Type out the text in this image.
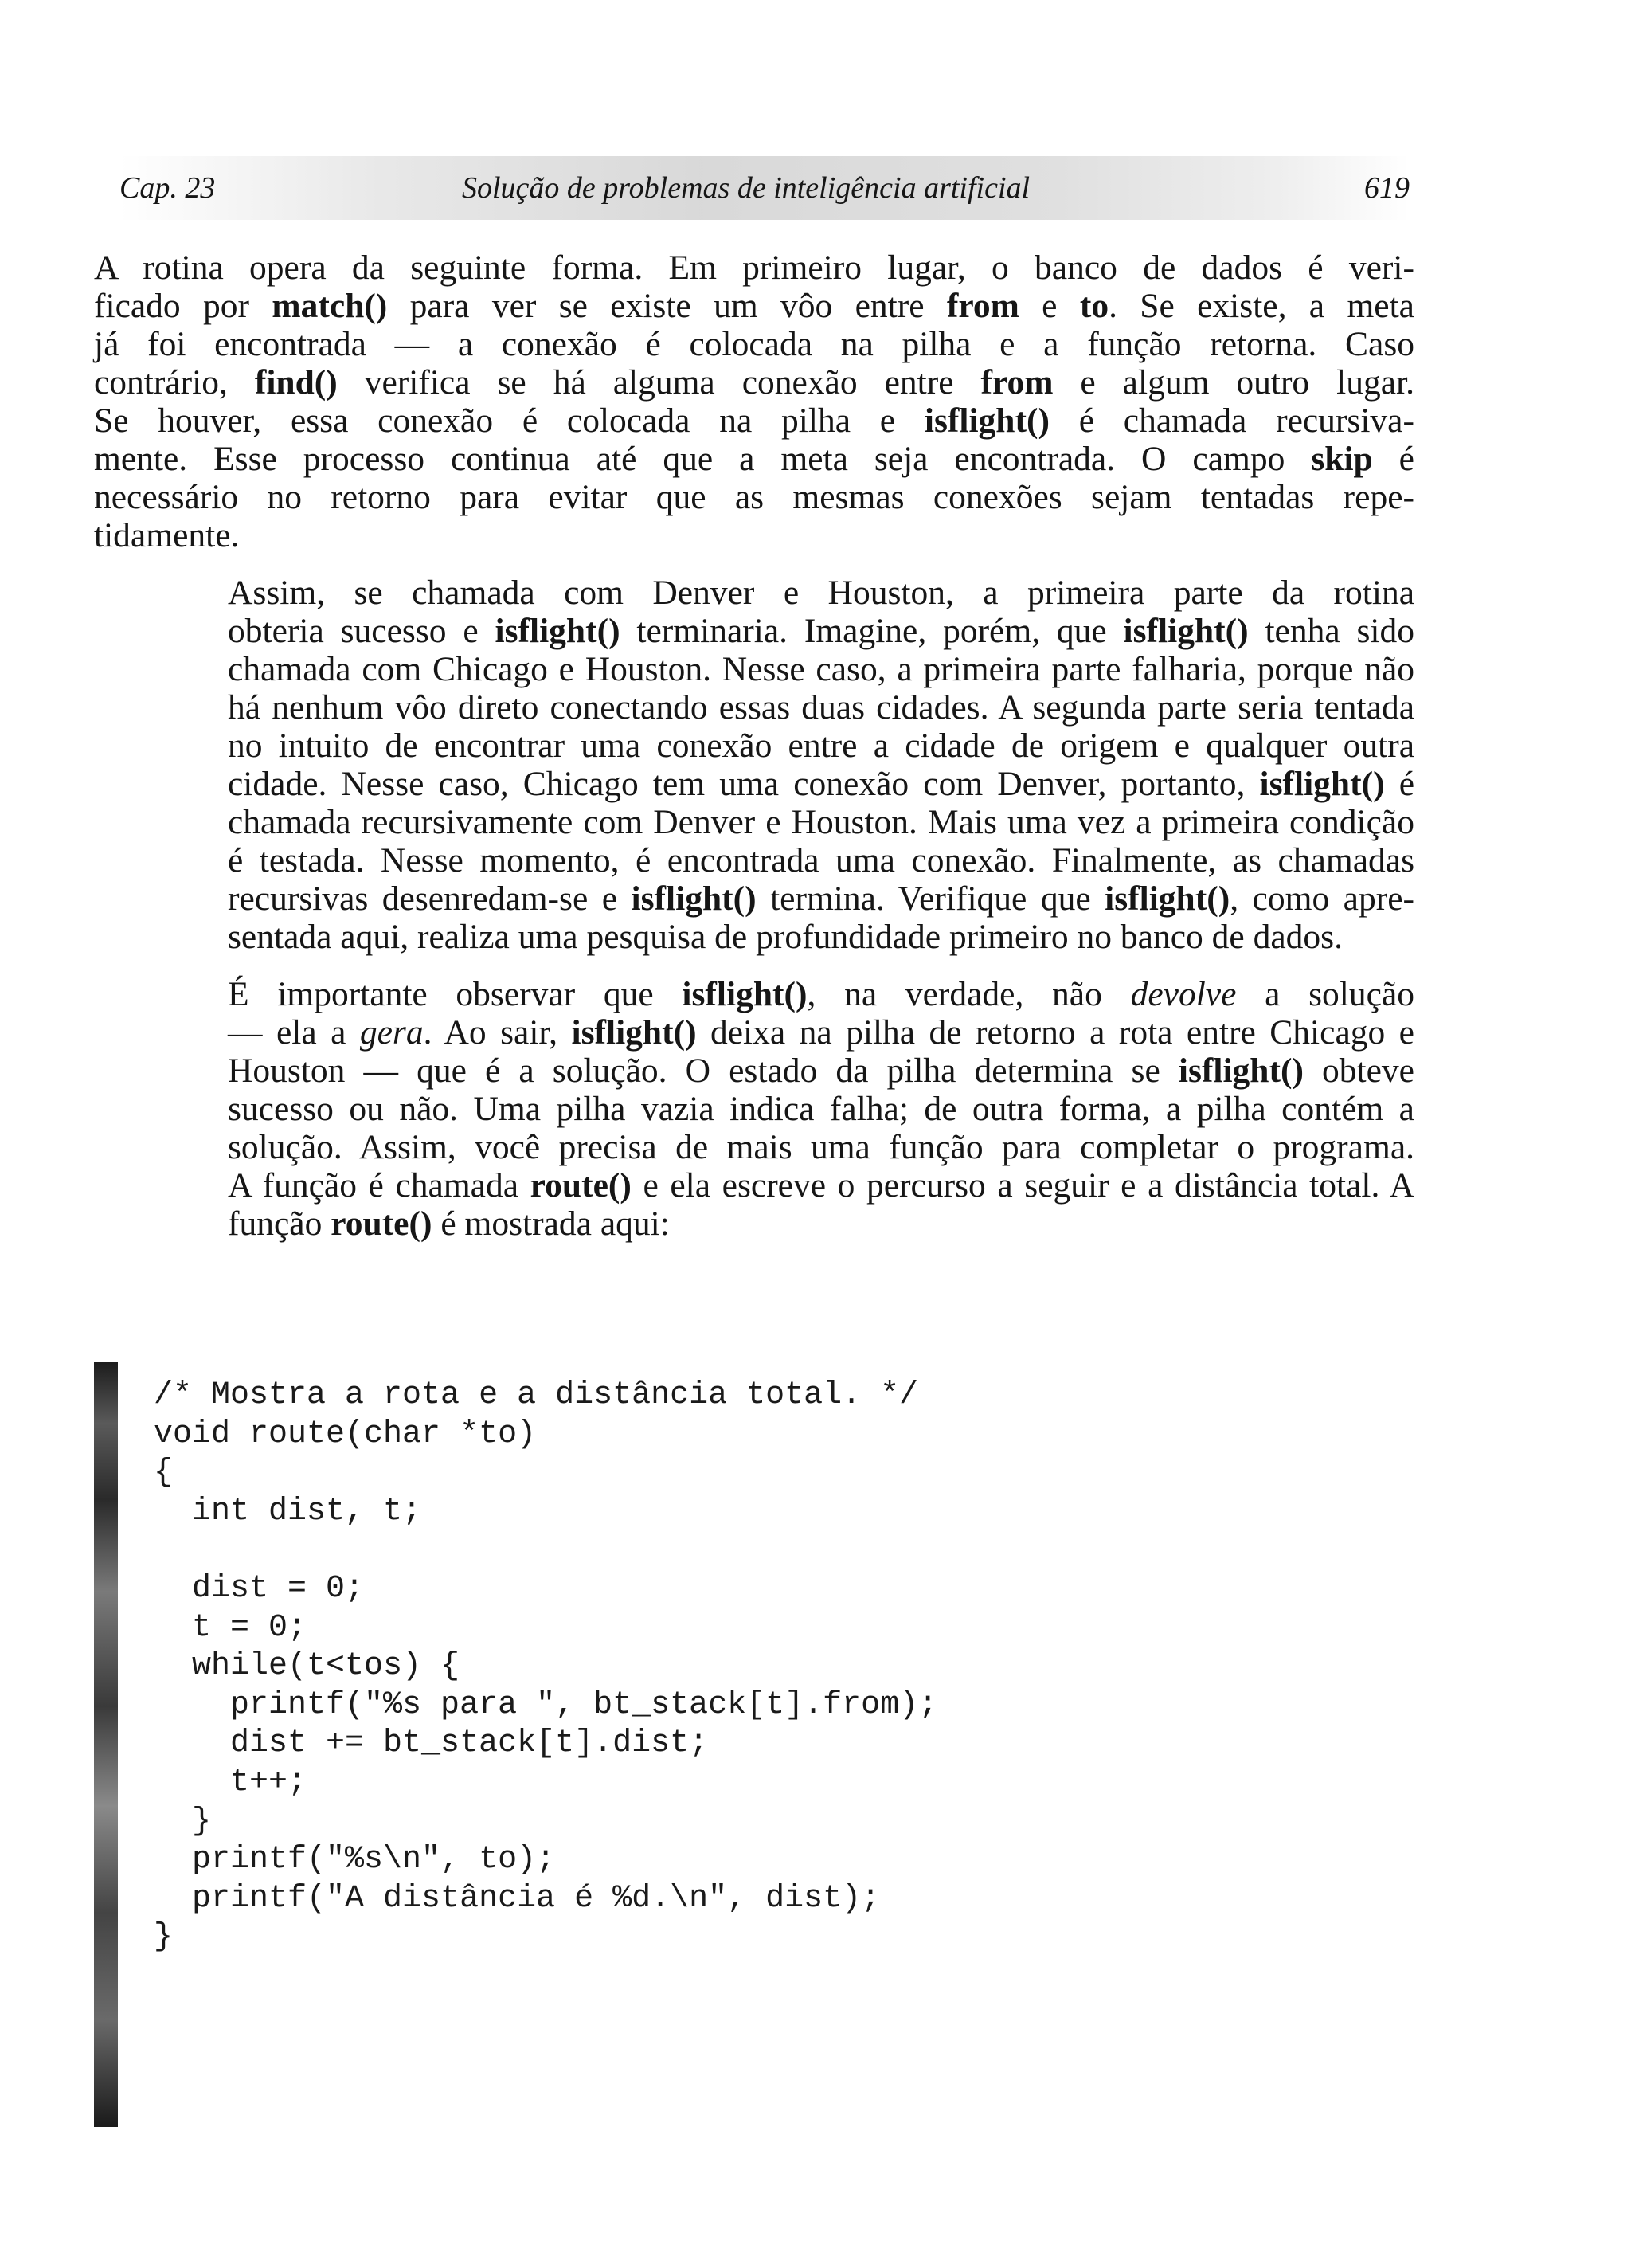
Cap. 23	Solução de problemas de inteligência artificial	619
A rotina opera da seguinte forma. Em primeiro lugar, o banco de dados é veri-
ficado por match() para ver se existe um vôo entre from e to. Se existe, a meta
já foi encontrada — a conexão é colocada na pilha e a função retorna. Caso
contrário, find() verifica se há alguma conexão entre from e algum outro lugar.
Se houver, essa conexão é colocada na pilha e isflight() é chamada recursiva-
mente. Esse processo continua até que a meta seja encontrada. O campo skip é
necessário no retorno para evitar que as mesmas conexões sejam tentadas repe-
tidamente.
Assim, se chamada com Denver e Houston, a primeira parte da rotina
obteria sucesso e isflight() terminaria. Imagine, porém, que isflight() tenha sido
chamada com Chicago e Houston. Nesse caso, a primeira parte falharia, porque não
há nenhum vôo direto conectando essas duas cidades. A segunda parte seria tentada
no intuito de encontrar uma conexão entre a cidade de origem e qualquer outra
cidade. Nesse caso, Chicago tem uma conexão com Denver, portanto, isflight() é
chamada recursivamente com Denver e Houston. Mais uma vez a primeira condição
é testada. Nesse momento, é encontrada uma conexão. Finalmente, as chamadas
recursivas desenredam-se e isflight() termina. Verifique que isflight(), como apre-
sentada aqui, realiza uma pesquisa de profundidade primeiro no banco de dados.
É importante observar que isflight(), na verdade, não devolve a solução
— ela a gera. Ao sair, isflight() deixa na pilha de retorno a rota entre Chicago e
Houston — que é a solução. O estado da pilha determina se isflight() obteve
sucesso ou não. Uma pilha vazia indica falha; de outra forma, a pilha contém a
solução. Assim, você precisa de mais uma função para completar o programa.
A função é chamada route() e ela escreve o percurso a seguir e a distância total. A
função route() é mostrada aqui:
/* Mostra a rota e a distância total. */
void route(char *to)
{
int dist, t;
dist = 0;
t = 0;
while(t<tos) {
printf("%s para ", bt_stack[t].from);
dist += bt_stack[t].dist;
t++;
}
printf("%s\n", to);
printf("A distância é %d.\n", dist);
}
